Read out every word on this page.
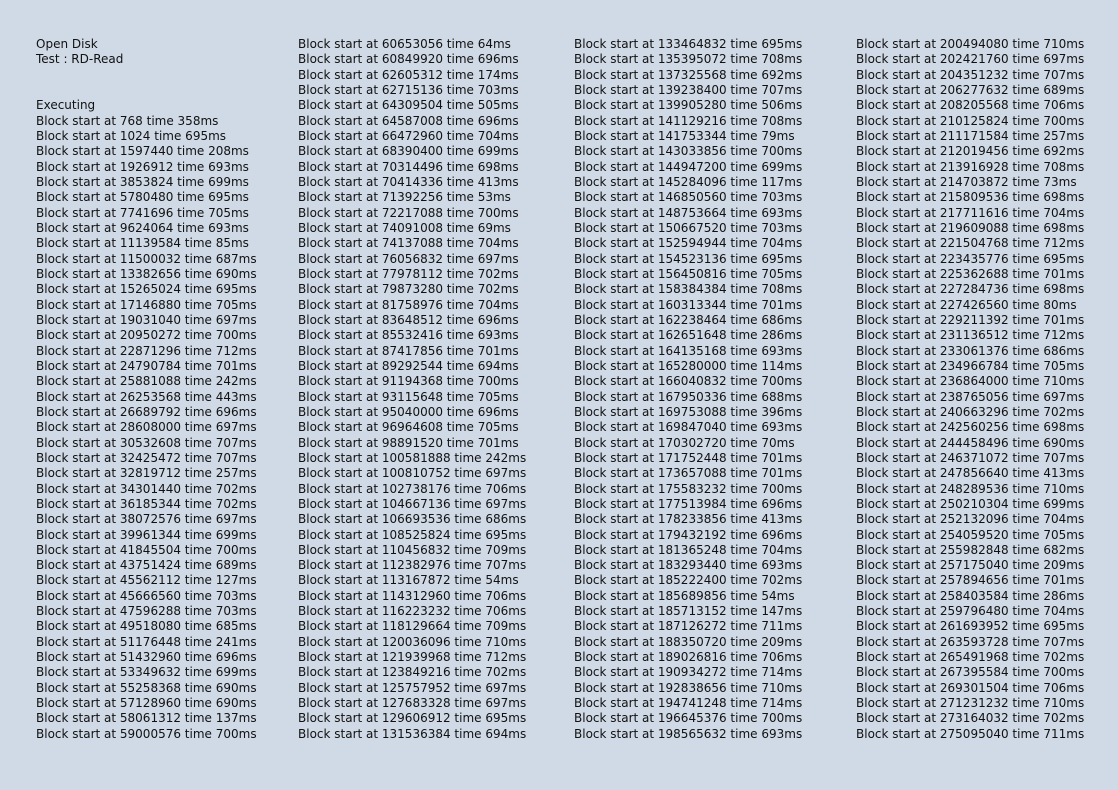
Open Disk
Test : RD-Read
Executing
Block start at 768 time 358ms
Block start at 1024 time 695ms
Block start at 1597440 time 208ms
Block start at 1926912 time 693ms
Block start at 3853824 time 699ms
Block start at 5780480 time 695ms
Block start at 7741696 time 705ms
Block start at 9624064 time 693ms
Block start at 11139584 time 85ms
Block start at 11500032 time 687ms
Block start at 13382656 time 690ms
Block start at 15265024 time 695ms
Block start at 17146880 time 705ms
Block start at 19031040 time 697ms
Block start at 20950272 time 700ms
Block start at 22871296 time 712ms
Block start at 24790784 time 701ms
Block start at 25881088 time 242ms
Block start at 26253568 time 443ms
Block start at 26689792 time 696ms
Block start at 28608000 time 697ms
Block start at 30532608 time 707ms
Block start at 32425472 time 707ms
Block start at 32819712 time 257ms
Block start at 34301440 time 702ms
Block start at 36185344 time 702ms
Block start at 38072576 time 697ms
Block start at 39961344 time 699ms
Block start at 41845504 time 700ms
Block start at 43751424 time 689ms
Block start at 45562112 time 127ms
Block start at 45666560 time 703ms
Block start at 47596288 time 703ms
Block start at 49518080 time 685ms
Block start at 51176448 time 241ms
Block start at 51432960 time 696ms
Block start at 53349632 time 699ms
Block start at 55258368 time 690ms
Block start at 57128960 time 690ms
Block start at 58061312 time 137ms
Block start at 59000576 time 700ms
Block start at 60653056 time 64ms
Block start at 60849920 time 696ms
Block start at 62605312 time 174ms
Block start at 62715136 time 703ms
Block start at 64309504 time 505ms
Block start at 64587008 time 696ms
Block start at 66472960 time 704ms
Block start at 68390400 time 699ms
Block start at 70314496 time 698ms
Block start at 70414336 time 413ms
Block start at 71392256 time 53ms
Block start at 72217088 time 700ms
Block start at 74091008 time 69ms
Block start at 74137088 time 704ms
Block start at 76056832 time 697ms
Block start at 77978112 time 702ms
Block start at 79873280 time 702ms
Block start at 81758976 time 704ms
Block start at 83648512 time 696ms
Block start at 85532416 time 693ms
Block start at 87417856 time 701ms
Block start at 89292544 time 694ms
Block start at 91194368 time 700ms
Block start at 93115648 time 705ms
Block start at 95040000 time 696ms
Block start at 96964608 time 705ms
Block start at 98891520 time 701ms
Block start at 100581888 time 242ms
Block start at 100810752 time 697ms
Block start at 102738176 time 706ms
Block start at 104667136 time 697ms
Block start at 106693536 time 686ms
Block start at 108525824 time 695ms
Block start at 110456832 time 709ms
Block start at 112382976 time 707ms
Block start at 113167872 time 54ms
Block start at 114312960 time 706ms
Block start at 116223232 time 706ms
Block start at 118129664 time 709ms
Block start at 120036096 time 710ms
Block start at 121939968 time 712ms
Block start at 123849216 time 702ms
Block start at 125757952 time 697ms
Block start at 127683328 time 697ms
Block start at 129606912 time 695ms
Block start at 131536384 time 694ms
Block start at 133464832 time 695ms
Block start at 135395072 time 708ms
Block start at 137325568 time 692ms
Block start at 139238400 time 707ms
Block start at 139905280 time 506ms
Block start at 141129216 time 708ms
Block start at 141753344 time 79ms
Block start at 143033856 time 700ms
Block start at 144947200 time 699ms
Block start at 145284096 time 117ms
Block start at 146850560 time 703ms
Block start at 148753664 time 693ms
Block start at 150667520 time 703ms
Block start at 152594944 time 704ms
Block start at 154523136 time 695ms
Block start at 156450816 time 705ms
Block start at 158384384 time 708ms
Block start at 160313344 time 701ms
Block start at 162238464 time 686ms
Block start at 162651648 time 286ms
Block start at 164135168 time 693ms
Block start at 165280000 time 114ms
Block start at 166040832 time 700ms
Block start at 167950336 time 688ms
Block start at 169753088 time 396ms
Block start at 169847040 time 693ms
Block start at 170302720 time 70ms
Block start at 171752448 time 701ms
Block start at 173657088 time 701ms
Block start at 175583232 time 700ms
Block start at 177513984 time 696ms
Block start at 178233856 time 413ms
Block start at 179432192 time 696ms
Block start at 181365248 time 704ms
Block start at 183293440 time 693ms
Block start at 185222400 time 702ms
Block start at 185689856 time 54ms
Block start at 185713152 time 147ms
Block start at 187126272 time 711ms
Block start at 188350720 time 209ms
Block start at 189026816 time 706ms
Block start at 190934272 time 714ms
Block start at 192838656 time 710ms
Block start at 194741248 time 714ms
Block start at 196645376 time 700ms
Block start at 198565632 time 693ms
Block start at 200494080 time 710ms
Block start at 202421760 time 697ms
Block start at 204351232 time 707ms
Block start at 206277632 time 689ms
Block start at 208205568 time 706ms
Block start at 210125824 time 700ms
Block start at 211171584 time 257ms
Block start at 212019456 time 692ms
Block start at 213916928 time 708ms
Block start at 214703872 time 73ms
Block start at 215809536 time 698ms
Block start at 217711616 time 704ms
Block start at 219609088 time 698ms
Block start at 221504768 time 712ms
Block start at 223435776 time 695ms
Block start at 225362688 time 701ms
Block start at 227284736 time 698ms
Block start at 227426560 time 80ms
Block start at 229211392 time 701ms
Block start at 231136512 time 712ms
Block start at 233061376 time 686ms
Block start at 234966784 time 705ms
Block start at 236864000 time 710ms
Block start at 238765056 time 697ms
Block start at 240663296 time 702ms
Block start at 242560256 time 698ms
Block start at 244458496 time 690ms
Block start at 246371072 time 707ms
Block start at 247856640 time 413ms
Block start at 248289536 time 710ms
Block start at 250210304 time 699ms
Block start at 252132096 time 704ms
Block start at 254059520 time 705ms
Block start at 255982848 time 682ms
Block start at 257175040 time 209ms
Block start at 257894656 time 701ms
Block start at 258403584 time 286ms
Block start at 259796480 time 704ms
Block start at 261693952 time 695ms
Block start at 263593728 time 707ms
Block start at 265491968 time 702ms
Block start at 267395584 time 700ms
Block start at 269301504 time 706ms
Block start at 271231232 time 710ms
Block start at 273164032 time 702ms
Block start at 275095040 time 711ms
